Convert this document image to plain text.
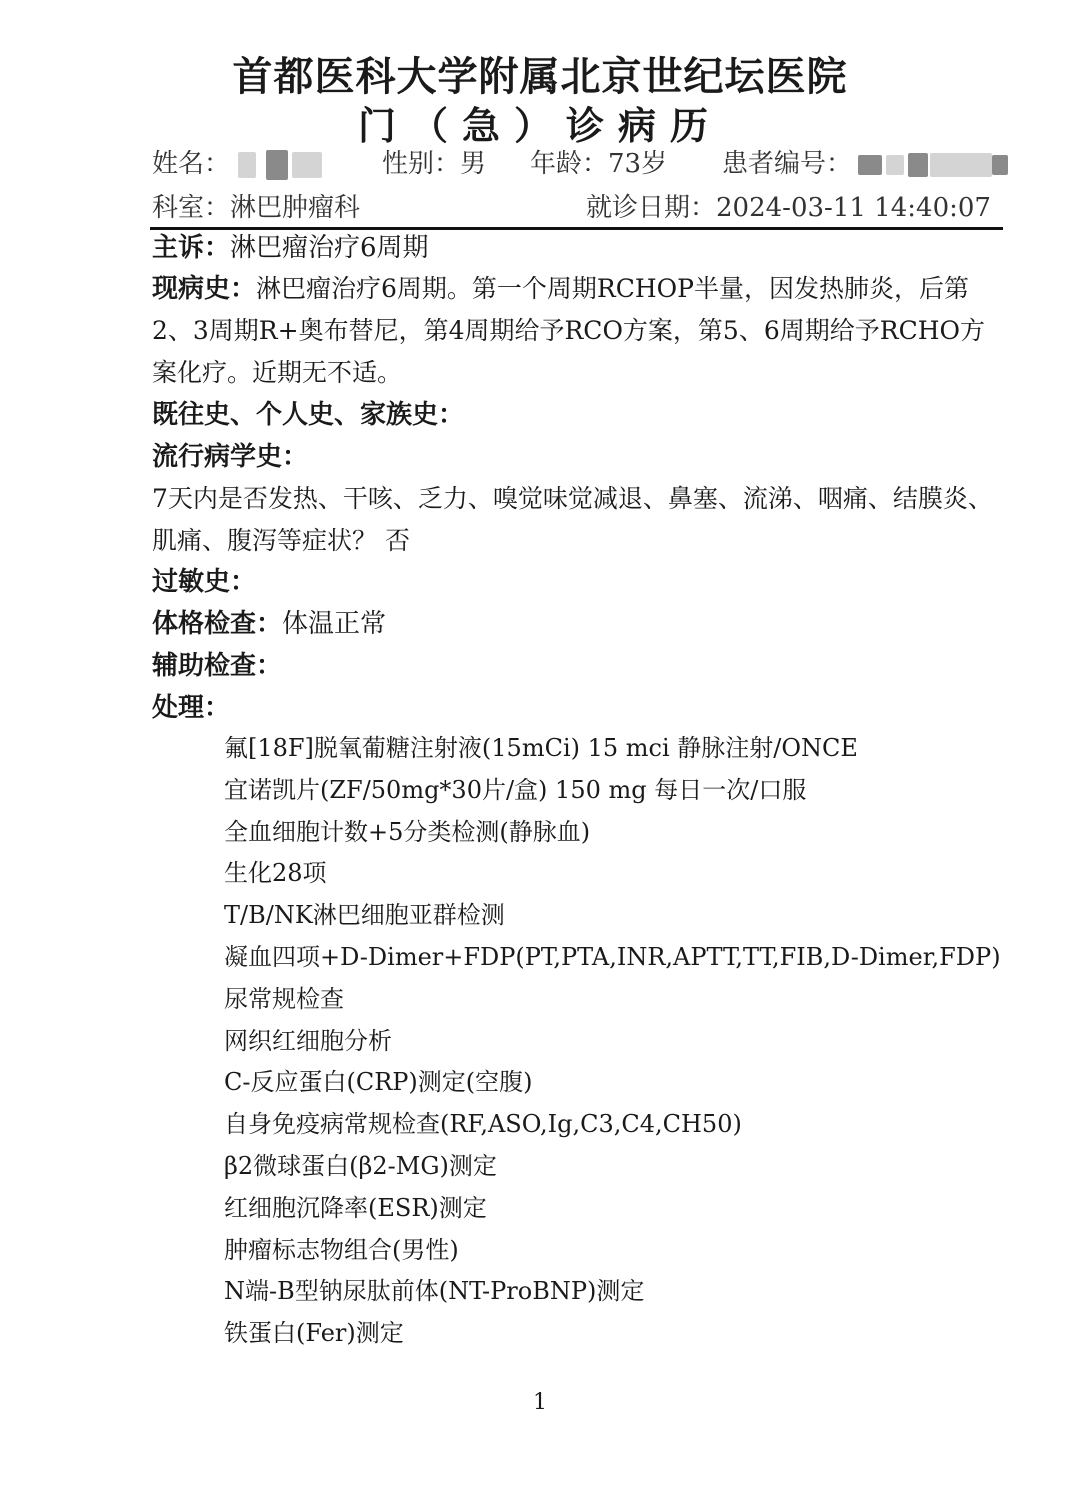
首都医科大学附属北京世纪坛医院
门（急）诊病历
姓名：	性别：男 年龄：73岁 患者编号：
科室：淋巴肿瘤科	就诊日期：2024-03-11 14:40:07
主诉：淋巴瘤治疗6周期
现病史：淋巴瘤治疗6周期。第一个周期RCHOP半量，因发热肺炎，后第2、3周期R+奥布替尼，第4周期给予RCO方案，第5、6周期给予RCHO方案化疗。近期无不适。
既往史、个人史、家族史：
流行病学史：
7天内是否发热、干咳、乏力、嗅觉味觉减退、鼻塞、流涕、咽痛、结膜炎、肌痛、腹泻等症状？ 否
过敏史：
体格检查：体温正常
辅助检查：
处理：
氟[18F]脱氧葡糖注射液(15mCi) 15 mci 静脉注射/ONCE
宜诺凯片(ZF/50mg*30片/盒) 150 mg 每日一次/口服
全血细胞计数+5分类检测(静脉血)
生化28项
T/B/NK淋巴细胞亚群检测
凝血四项+D-Dimer+FDP(PT,PTA,INR,APTT,TT,FIB,D-Dimer,FDP)
尿常规检查
网织红细胞分析
C-反应蛋白(CRP)测定(空腹)
自身免疫病常规检查(RF,ASO,Ig,C3,C4,CH50)
β2微球蛋白(β2-MG)测定
红细胞沉降率(ESR)测定
肿瘤标志物组合(男性)
N端-B型钠尿肽前体(NT-ProBNP)测定
铁蛋白(Fer)测定
1
